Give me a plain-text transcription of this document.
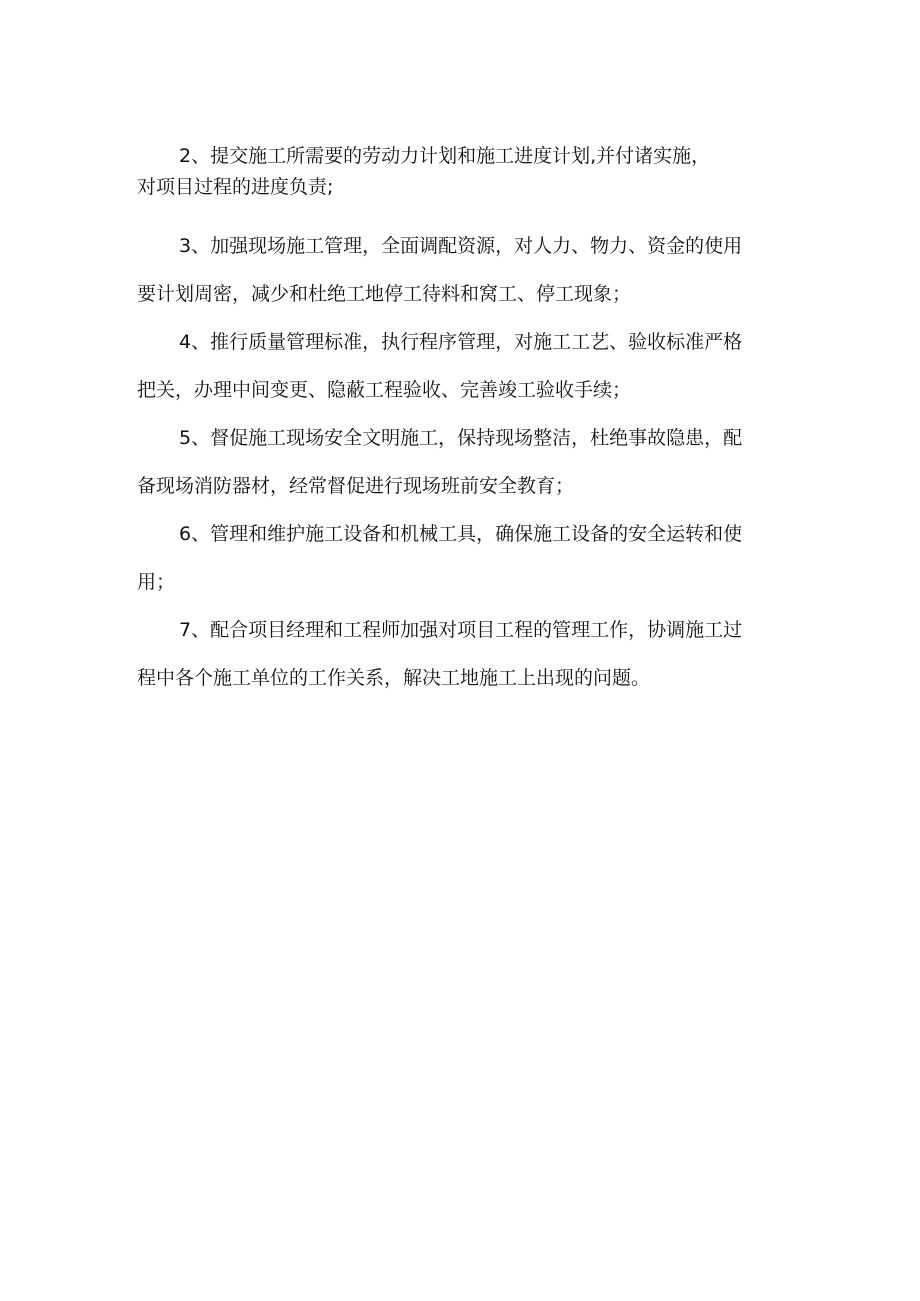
2、提交施工所需要的劳动力计划和施工进度计划,并付诸实施，
对项目过程的进度负责;

3、加强现场施工管理，全面调配资源，对人力、物力、资金的使用
要计划周密，减少和杜绝工地停工待料和窝工、停工现象；

4、推行质量管理标准，执行程序管理，对施工工艺、验收标准严格
把关，办理中间变更、隐蔽工程验收、完善竣工验收手续；

5、督促施工现场安全文明施工，保持现场整洁，杜绝事故隐患，配
备现场消防器材，经常督促进行现场班前安全教育；

6、管理和维护施工设备和机械工具，确保施工设备的安全运转和使
用；

7、配合项目经理和工程师加强对项目工程的管理工作，协调施工过
程中各个施工单位的工作关系，解决工地施工上出现的问题。
